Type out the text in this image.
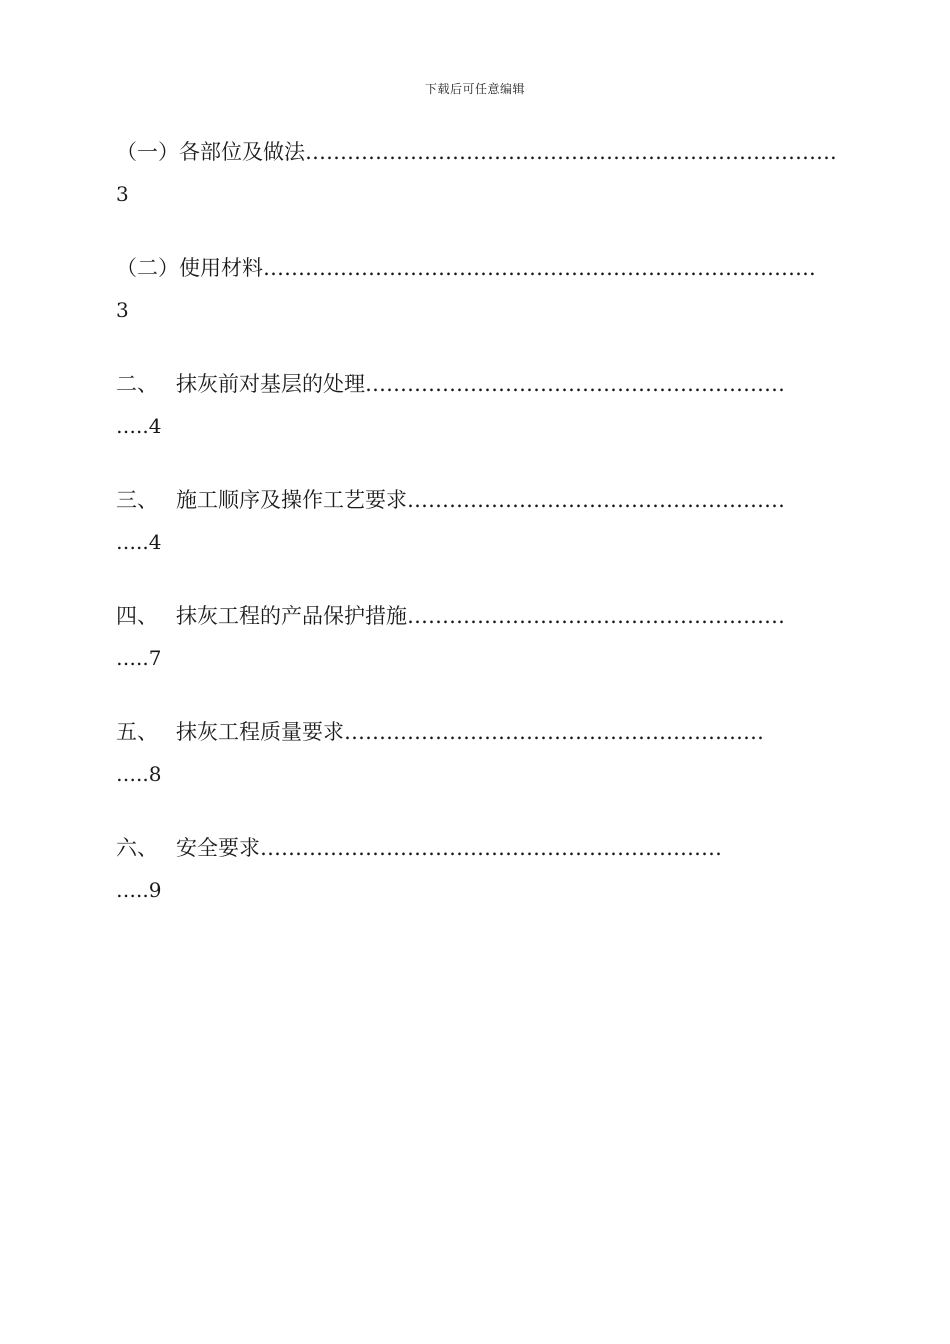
下载后可任意编辑
（一）各部位及做法………………………………………………………………….
3
（二）使用材料…………………………………………………………………….
3
二、 抹灰前对基层的处理……………………………………………………
…..4
三、 施工顺序及操作工艺要求………………………………………………
…..4
四、 抹灰工程的产品保护措施………………………………………………
…..7
五、 抹灰工程质量要求……………………………………………………
…..8
六、 安全要求…………………………………………………………
…..9
